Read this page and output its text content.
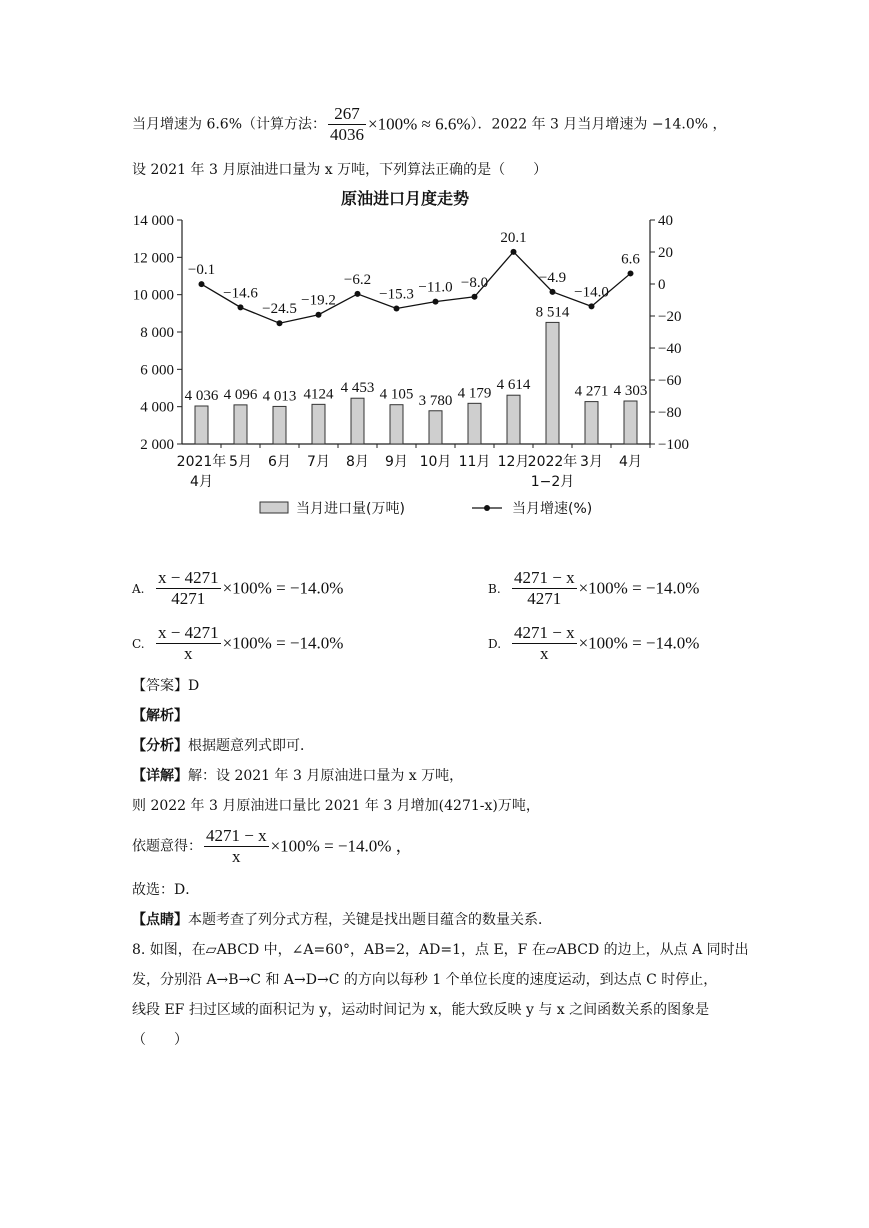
当月增速为 6.6%（计算方法： $\frac{267}{4036} \times 100\% \approx 6.6\%$）．2022 年 3 月当月增速为 −14.0% ，
设 2021 年 3 月原油进口量为 x 万吨，下列算法正确的是（　　）
原油进口月度走势
2 000
4 000
6 000
8 000
10 000
12 000
14 000
−100
−80
−60
−40
−20
0
20
40
2021年
4月
5月 6月 7月 8月 9月 10月 11月 12月
2022年
1−2月
3月 4月
4 036 4 096 4 013 4124 4 453 4 105 3 780 4 179
4 614
8 514
4 271 4 303
−0.1
−14.6
−24.5
−19.2
−6.2
−15.3 −11.0 −8.0
20.1
−4.9
−14.0
6.6
当月进口量(万吨)	当月增速(%)
A. $\frac{x - 4271}{4271} \times 100\% = -14.0\%$	B. $\frac{4271 - x}{4271} \times 100\% = -14.0\%$
C. $\frac{x - 4271}{x} \times 100\% = -14.0\%$	D. $\frac{4271 - x}{x} \times 100\% = -14.0\%$
【答案】D
【解析】
【分析】根据题意列式即可．
【详解】解：设 2021 年 3 月原油进口量为 x 万吨，
则 2022 年 3 月原油进口量比 2021 年 3 月增加(4271-x)万吨，
依题意得： $\frac{4271 - x}{x} \times 100\% = -14.0\%$ ，
故选：D．
【点睛】本题考查了列分式方程，关键是找出题目蕴含的数量关系．
8. 如图，在▱ABCD 中，∠A=60°，AB=2，AD=1，点 E，F 在▱ABCD 的边上，从点 A 同时出
发，分别沿 A→B→C 和 A→D→C 的方向以每秒 1 个单位长度的速度运动，到达点 C 时停止，
线段 EF 扫过区域的面积记为 y，运动时间记为 x，能大致反映 y 与 x 之间函数关系的图象是
（　　）
